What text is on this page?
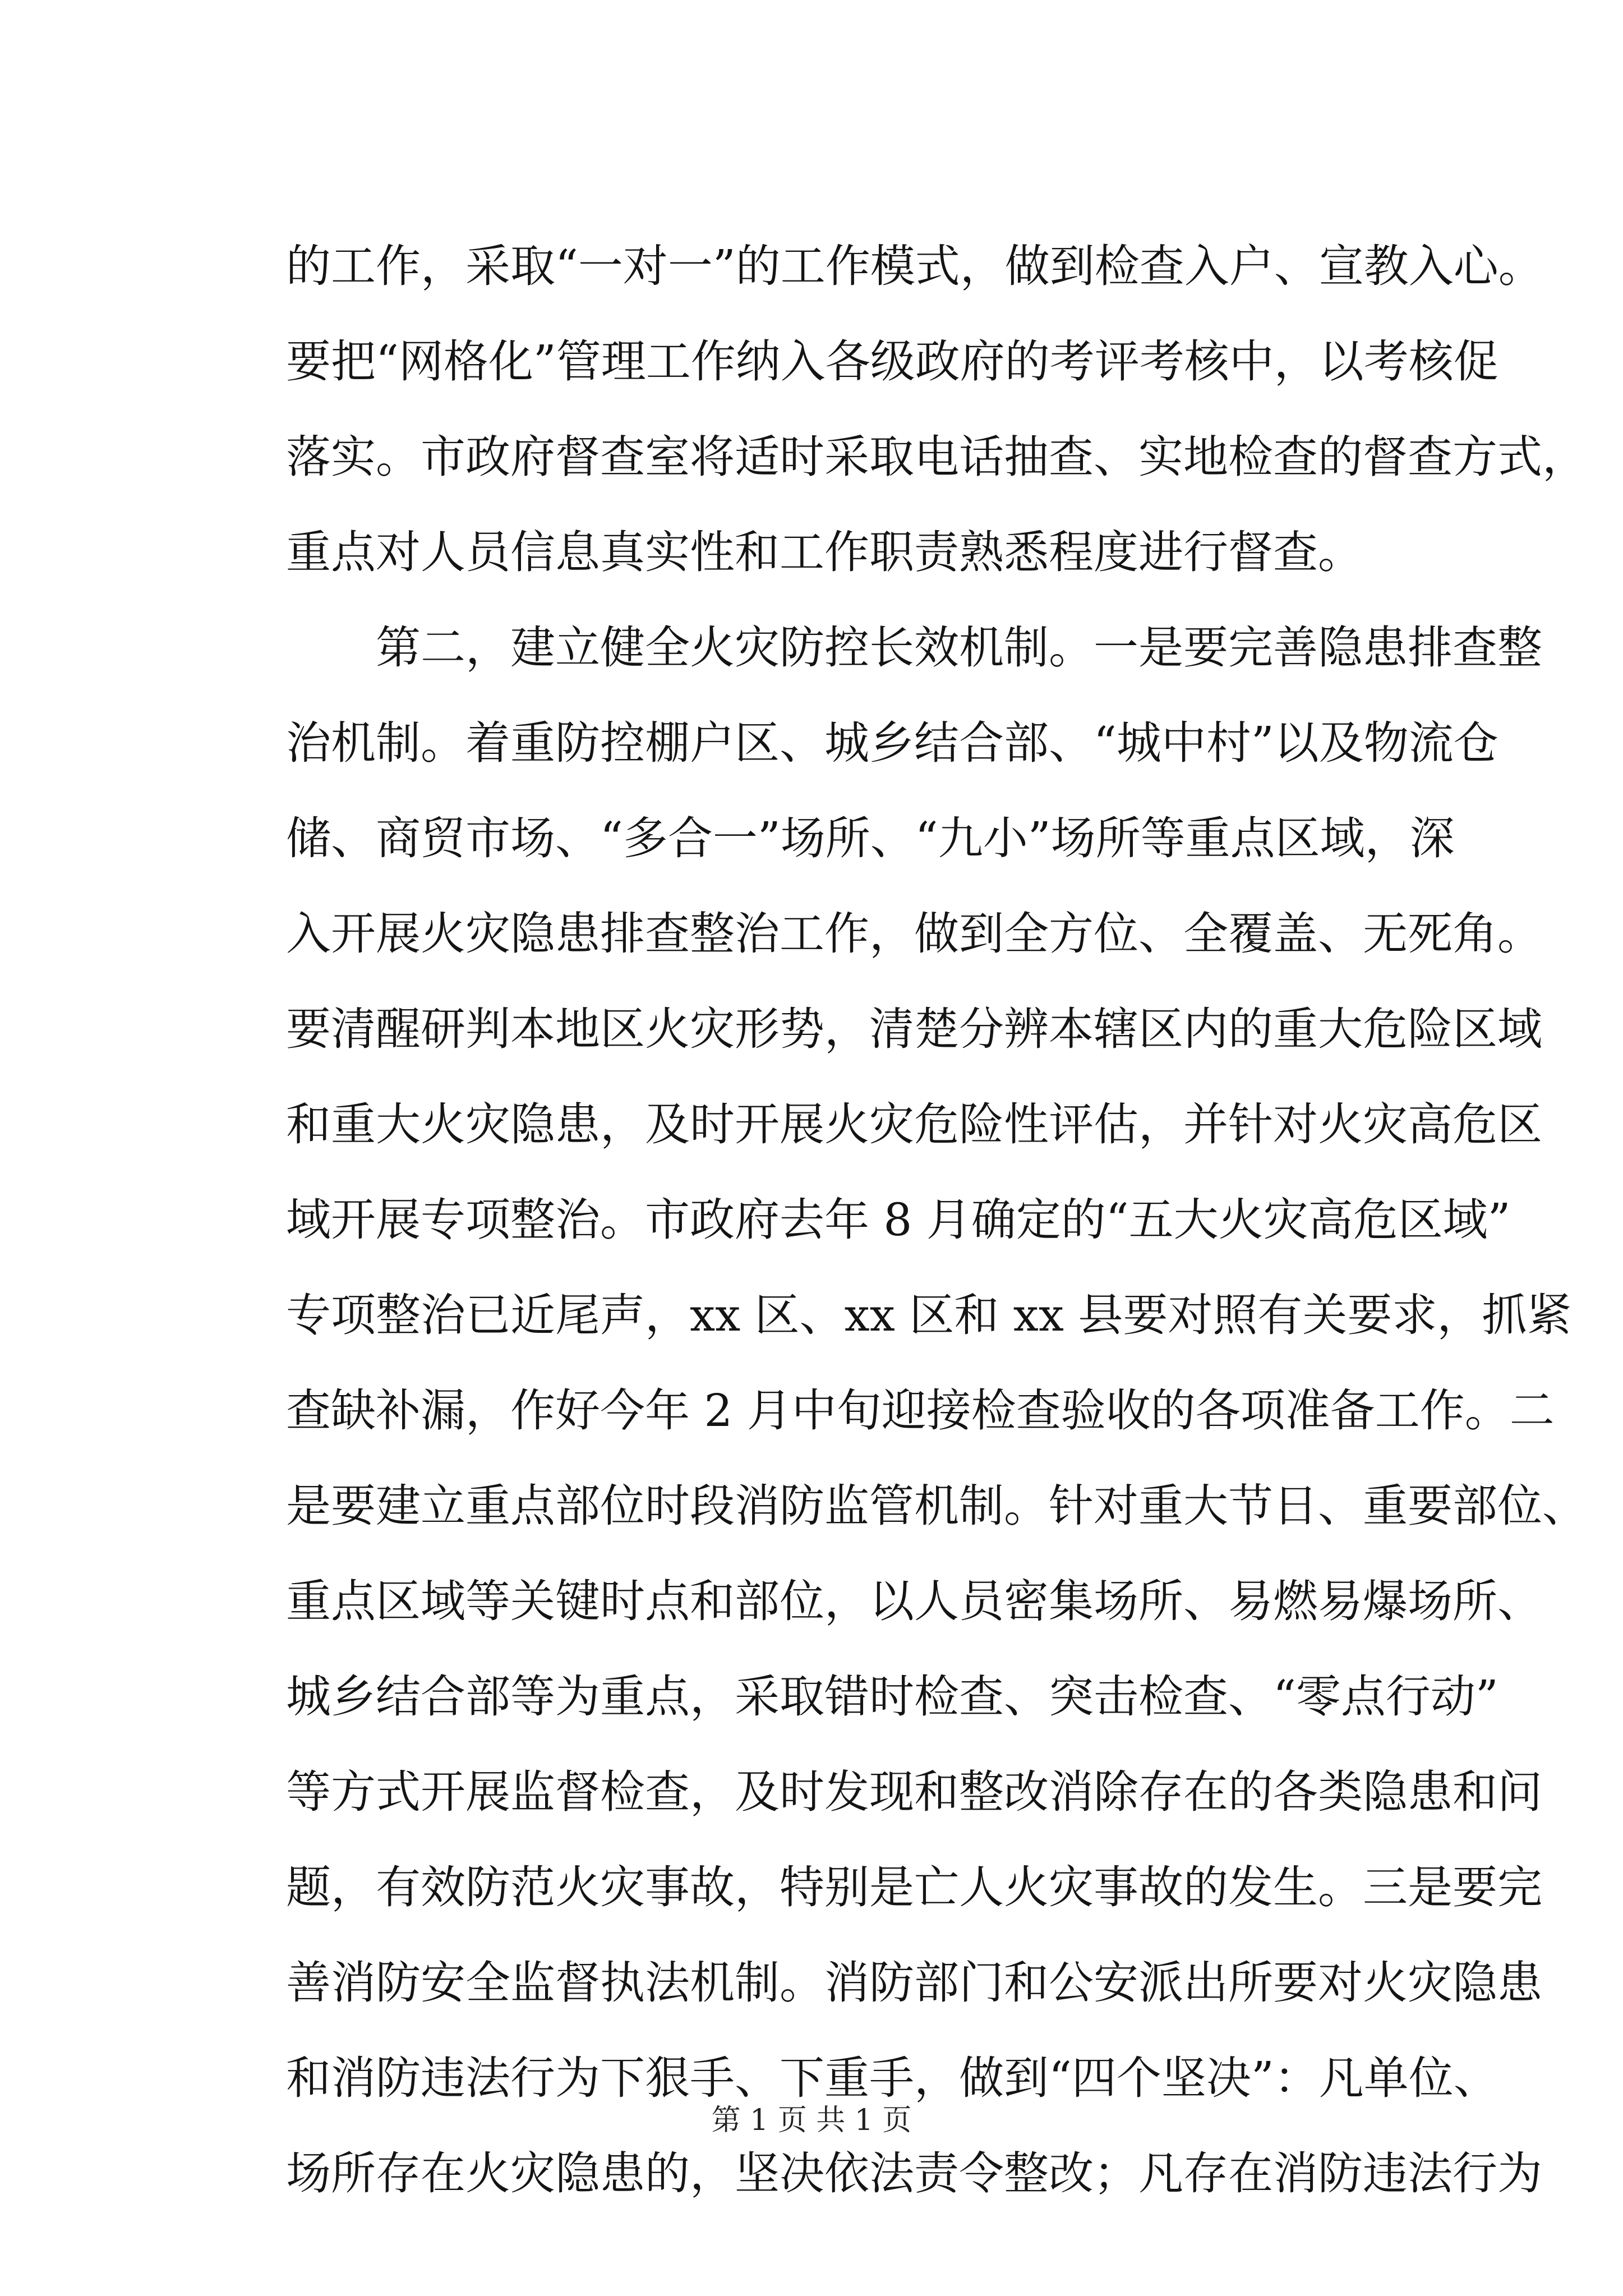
的工作，采取“一对一”的工作模式，做到检查入户、宣教入心。
要把“网格化”管理工作纳入各级政府的考评考核中，以考核促
落实。市政府督查室将适时采取电话抽查、实地检查的督查方式，
重点对人员信息真实性和工作职责熟悉程度进行督查。
　　第二，建立健全火灾防控长效机制。一是要完善隐患排查整
治机制。着重防控棚户区、城乡结合部、“城中村”以及物流仓
储、商贸市场、“多合一”场所、“九小”场所等重点区域，深
入开展火灾隐患排查整治工作，做到全方位、全覆盖、无死角。
要清醒研判本地区火灾形势，清楚分辨本辖区内的重大危险区域
和重大火灾隐患，及时开展火灾危险性评估，并针对火灾高危区
域开展专项整治。市政府去年 8 月确定的“五大火灾高危区域”
专项整治已近尾声，xx 区、xx 区和 xx 县要对照有关要求，抓紧
查缺补漏，作好今年 2 月中旬迎接检查验收的各项准备工作。二
是要建立重点部位时段消防监管机制。针对重大节日、重要部位、
重点区域等关键时点和部位，以人员密集场所、易燃易爆场所、
城乡结合部等为重点，采取错时检查、突击检查、“零点行动”
等方式开展监督检查，及时发现和整改消除存在的各类隐患和问
题，有效防范火灾事故，特别是亡人火灾事故的发生。三是要完
善消防安全监督执法机制。消防部门和公安派出所要对火灾隐患
和消防违法行为下狠手、下重手，做到“四个坚决”：凡单位、
场所存在火灾隐患的，坚决依法责令整改；凡存在消防违法行为
第 1 页 共 1 页
